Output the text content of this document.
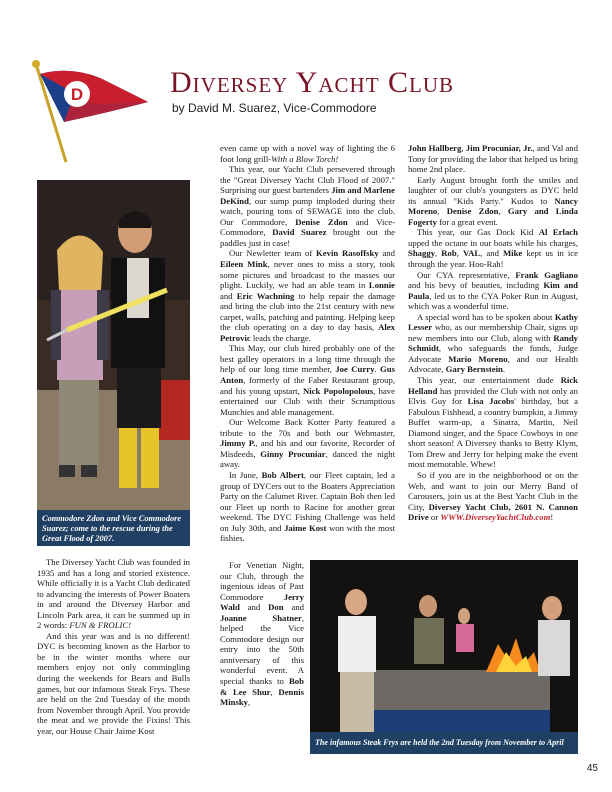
D	Diversey Yacht Club
by David M. Suarez, Vice-Commodore
Commodore Zdon and Vice Commodore Suarez; come to the rescue during the Great Flood of 2007.

The Diversey Yacht Club was founded in 1935 and has a long and storied existence. While officially it is a Yacht Club dedicated to advancing the interests of Power Boaters in and around the Diversey Harbor and Lincoln Park area, it can be summed up in 2 words: FUN & FROLIC!

And this year was and is no different! DYC is becoming known as the Harbor to be in the winter months where our members enjoy not only commingling during the weekends for Bears and Bulls games, but our infamous Steak Frys. These are held on the 2nd Tuesday of the month from November through April. You provide the meat and we provide the Fixins! This year, our House Chair Jaime Kost

even came up with a novel way of lighting the 6 foot long grill-With a Blow Torch!

This year, our Yacht Club persevered through the "Great Diversey Yacht Club Flood of 2007." Surprising our guest bartenders Jim and Marlene DeKind, our sump pump imploded during their watch, pouring tons of SEWAGE into the club. Our Commodore, Denise Zdon and Vice-Commodore, David Suarez brought out the paddles just in case!

Our Newletter team of Kevin Rasoffsky and Eileen Mink, never ones to miss a story, took some pictures and broadcast to the masses our plight. Luckily, we had an able team in Lonnie and Eric Wachning to help repair the damage and bring the club into the 21st century with new carpet, walls, patching and painting. Helping keep the club operating on a day to day basis, Alex Petrovic leads the charge.

This May, our club hired probably one of the best galley operators in a long time through the help of our long time member, Joe Curry. Gus Anton, formerly of the Faber Restaurant group, and his young upstart, Nick Popolopolous, have entertained our Club with their Scrumptious Munchies and able management.

Our Welcome Back Kotter Party featured a tribute to the 70s and both our Webmaster, Jimmy P., and his and our favorite, Recorder of Misdeeds, Ginny Procuniar, danced the night away.

In June, Bob Albert, our Fleet captain, led a group of DYCers out to the Boaters Appreciation Party on the Calumet River. Captain Bob then led our Fleet up north to Racine for another great weekend. The DYC Fishing Challenge was held on July 30th, and Jaime Kost won with the most fishies.

For Venetian Night, our Club, through the ingenious ideas of Past Commodore Jerry Wald and Don and Joanne Shatner, helped the Vice Commodore design our entry into the 50th anniversary of this wonderful event. A special thanks to Bob & Lee Shur, Dennis Minsky,

John Hallberg, Jim Procuniar, Jr., and Val and Tony for providing the labor that helped us bring home 2nd place.

Early August brought forth the smiles and laughter of our club's youngsters as DYC held its annual "Kids Party." Kudos to Nancy Moreno, Denise Zdon, Gary and Linda Fogerty for a great event.

This year, our Gas Dock Kid Al Erlach upped the octane in our boats while his charges, Shaggy, Rob, VAL, and Mike kept us in ice through the year. Hoo-Rah!

Our CYA representative, Frank Gagliano and his bevy of beauties, including Kim and Paula, led us to the CYA Poker Run in August, which was a wonderful time.

A special word has to be spoken about Kathy Lesser who, as our membership Chair, signs up new members into our Club, along with Randy Schmidt, who safeguards the funds, Judge Advocate Mario Moreno, and our Health Advocate, Gary Bernstein.

This year, our entertainment dude Rick Helland has provided the Club with not only an Elvis Guy for Lisa Jacobs' birthday, but a Fabulous Fishhead, a country bumpkin, a Jimmy Buffet warm-up, a Sinatra, Martin, Neil Diamond singer, and the Space Cowboys in one short season! A Diversey thanks to Betty Klym, Tom Drew and Jerry for helping make the event most memorable. Whew!

So if you are in the neighborhood or on the Web, and want to join our Merry Band of Carousers, join us at the Best Yacht Club in the City, Diversey Yacht Club, 2601 N. Cannon Drive or WWW.DiverseyYachtClub.com!

The infamous Steak Frys are held the 2nd Tuesday from November to April
45
